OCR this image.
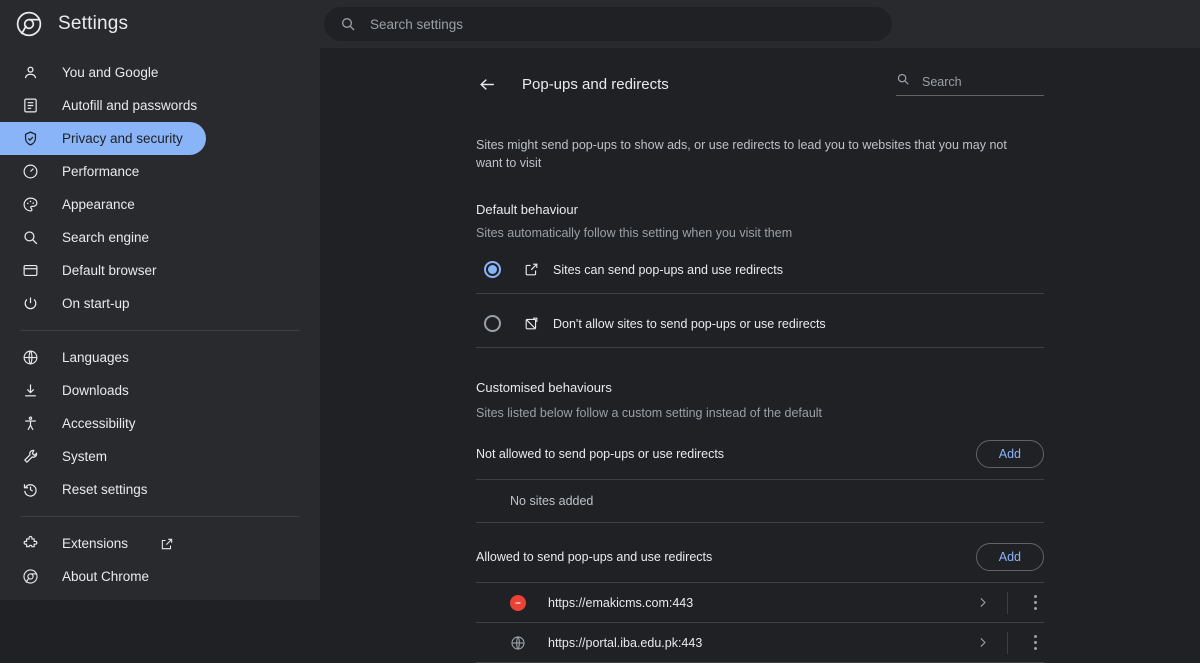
Settings
Search settings
You and Google
Autofill and passwords
Privacy and security
Performance
Appearance
Search engine
Default browser
On start-up
Languages
Downloads
Accessibility
System
Reset settings
Extensions
About Chrome
Pop-ups and redirects
Search
Sites might send pop-ups to show ads, or use redirects to lead you to websites that you may not want to visit
Default behaviour
Sites automatically follow this setting when you visit them
Sites can send pop-ups and use redirects
Don't allow sites to send pop-ups or use redirects
Customised behaviours
Sites listed below follow a custom setting instead of the default
Not allowed to send pop-ups or use redirects	Add
No sites added
Allowed to send pop-ups and use redirects	Add
https://emakicms.com:443
https://portal.iba.edu.pk:443
